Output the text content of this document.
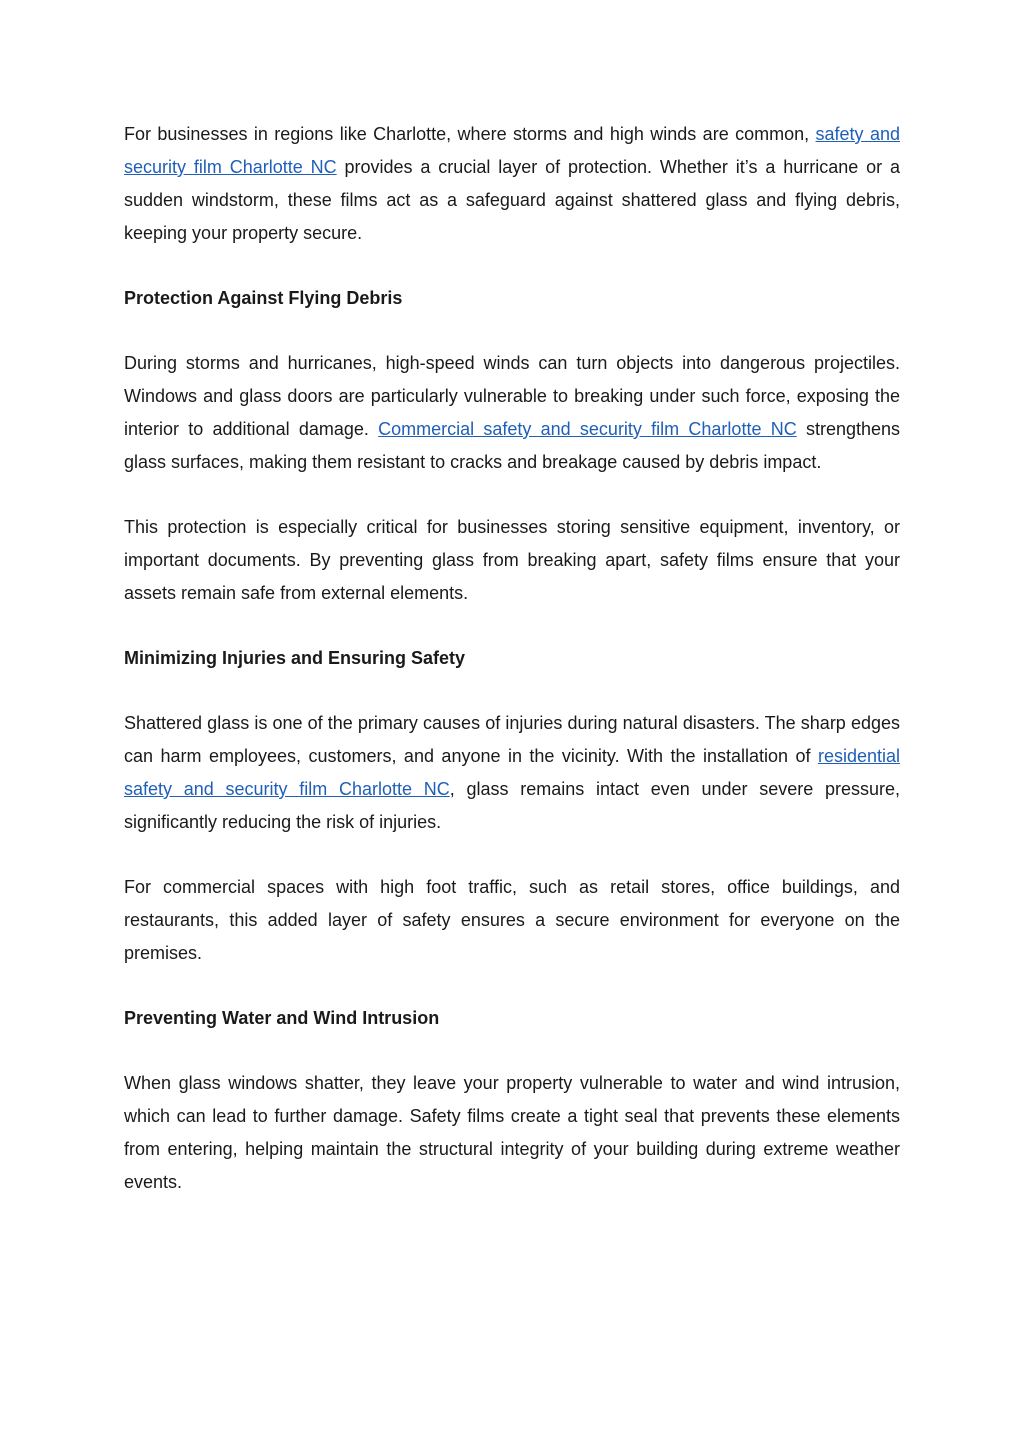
For businesses in regions like Charlotte, where storms and high winds are common, safety and security film Charlotte NC provides a crucial layer of protection. Whether it’s a hurricane or a sudden windstorm, these films act as a safeguard against shattered glass and flying debris, keeping your property secure.

Protection Against Flying Debris

During storms and hurricanes, high-speed winds can turn objects into dangerous projectiles. Windows and glass doors are particularly vulnerable to breaking under such force, exposing the interior to additional damage. Commercial safety and security film Charlotte NC strengthens glass surfaces, making them resistant to cracks and breakage caused by debris impact.

This protection is especially critical for businesses storing sensitive equipment, inventory, or important documents. By preventing glass from breaking apart, safety films ensure that your assets remain safe from external elements.

Minimizing Injuries and Ensuring Safety

Shattered glass is one of the primary causes of injuries during natural disasters. The sharp edges can harm employees, customers, and anyone in the vicinity. With the installation of residential safety and security film Charlotte NC, glass remains intact even under severe pressure, significantly reducing the risk of injuries.

For commercial spaces with high foot traffic, such as retail stores, office buildings, and restaurants, this added layer of safety ensures a secure environment for everyone on the premises.

Preventing Water and Wind Intrusion

When glass windows shatter, they leave your property vulnerable to water and wind intrusion, which can lead to further damage. Safety films create a tight seal that prevents these elements from entering, helping maintain the structural integrity of your building during extreme weather events.
